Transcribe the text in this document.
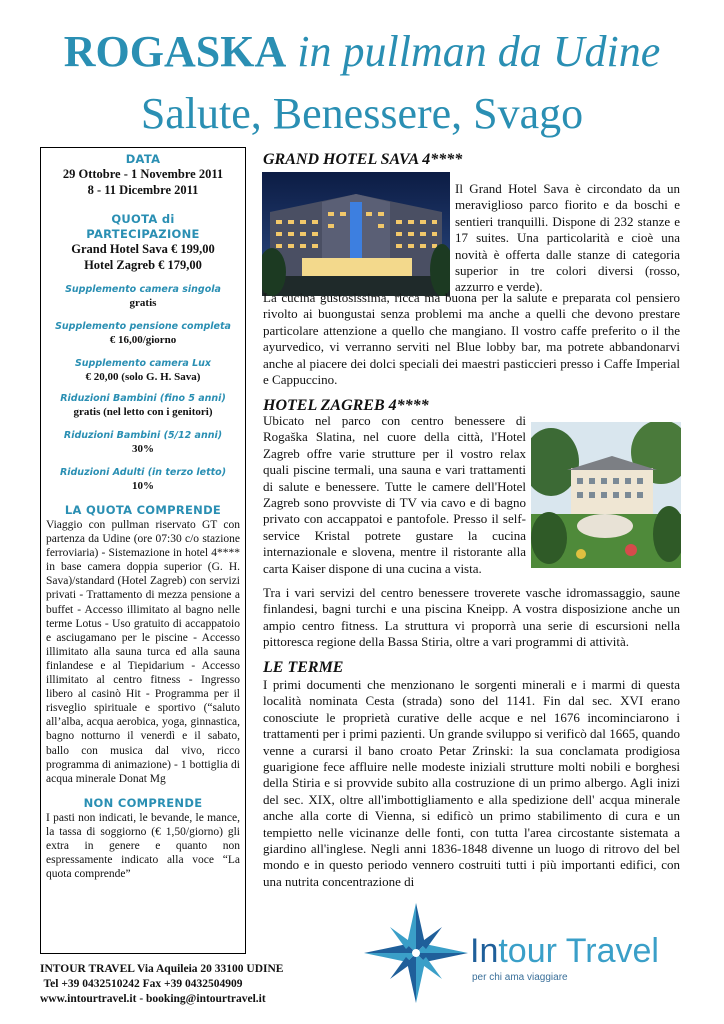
ROGASKA in pullman da Udine
Salute, Benessere, Svago
DATA
29 Ottobre - 1 Novembre 2011
8 - 11 Dicembre 2011
QUOTA di
PARTECIPAZIONE
Grand Hotel Sava € 199,00
Hotel Zagreb € 179,00
Supplemento camera singola
gratis
Supplemento pensione completa
€ 16,00/giorno
Supplemento camera Lux
€ 20,00 (solo G. H. Sava)
Riduzioni Bambini (fino 5 anni)
gratis (nel letto con i genitori)
Riduzioni Bambini (5/12 anni)
30%
Riduzioni Adulti (in terzo letto)
10%
LA QUOTA COMPRENDE
Viaggio con pullman riservato GT con partenza da Udine (ore 07:30 c/o stazione ferroviaria) - Sistemazione in hotel 4**** in base camera doppia superior (G. H. Sava)/standard (Hotel Zagreb) con servizi privati - Trattamento di mezza pensione a buffet - Accesso illimitato al bagno nelle terme Lotus - Uso gratuito di accappatoio e asciugamano per le piscine - Accesso illimitato alla sauna turca ed alla sauna finlandese e al Tiepidarium - Accesso illimitato al centro fitness - Ingresso libero al casinò Hit - Programma per il risveglio spirituale e sportivo (“saluto all’alba, acqua aerobica, yoga, ginnastica, bagno notturno il venerdì e il sabato, ballo con musica dal vivo, ricco programma di animazione) - 1 bottiglia di acqua minerale Donat Mg
NON COMPRENDE
I pasti non indicati, le bevande, le mance, la tassa di soggiorno (€ 1,50/giorno) gli extra in genere e quanto non espressamente indicato alla voce “La quota comprende”
GRAND HOTEL SAVA 4****
Il Grand Hotel Sava è circondato da un meraviglioso parco fiorito e da boschi e sentieri tranquilli. Dispone di 232 stanze e 17 suites. Una particolarità e cioè una novità è offerta dalle stanze di categoria superior in tre colori diversi (rosso, azzurro e verde).
La cucina gustosissima, ricca ma buona per la salute e preparata col pensiero rivolto ai buongustai senza problemi ma anche a quelli che devono prestare particolare attenzione a quello che mangiano. Il vostro caffe preferito o il the ayurvedico, vi verranno serviti nel Blue lobby bar, ma potrete abbandonarvi anche al piacere dei dolci speciali dei maestri pasticcieri presso i Caffe Imperial e Cappuccino.
HOTEL ZAGREB 4****
Ubicato nel parco con centro benessere di Rogaška Slatina, nel cuore della città, l'Hotel Zagreb offre varie strutture per il vostro relax quali piscine termali, una sauna e vari trattamenti di salute e benessere. Tutte le camere dell'Hotel Zagreb sono provviste di TV via cavo e di bagno privato con accappatoi e pantofole. Presso il self-service Kristal potrete gustare la cucina internazionale e slovena, mentre il ristorante alla carta Kaiser dispone di una cucina a vista.
Tra i vari servizi del centro benessere troverete vasche idromassaggio, saune finlandesi, bagni turchi e una piscina Kneipp. A vostra disposizione anche un ampio centro fitness. La struttura vi proporrà una serie di escursioni nella pittoresca regione della Bassa Stiria, oltre a vari programmi di attività.
LE TERME
I primi documenti che menzionano le sorgenti minerali e i marmi di questa località nominata Cesta (strada) sono del 1141. Fin dal sec. XVI erano conosciute le proprietà curative delle acque e nel 1676 incominciarono i trattamenti per i primi pazienti. Un grande sviluppo si verificò dal 1665, quando venne a curarsi il bano croato Petar Zrinski: la sua conclamata prodigiosa guarigione fece affluire nelle modeste iniziali strutture molti nobili e borghesi della Stiria e si provvide subito alla costruzione di un primo albergo. Agli inizi del sec. XIX, oltre all'imbottigliamento e alla spedizione dell' acqua minerale anche alla corte di Vienna, si edificò un primo stabilimento di cura e un tempietto nelle vicinanze delle fonti, con tutta l'area circostante sistemata a giardino all'inglese. Negli anni 1836-1848 divenne un luogo di ritrovo del bel mondo e in questo periodo vennero costruiti tutti i più importanti edifici, con una nutrita concentrazione di
INTOUR TRAVEL Via Aquileia 20 33100 UDINE
Tel +39 0432510242 Fax +39 0432504909
www.intourtravel.it - booking@intourtravel.it
Intour Travel
per chi ama viaggiare
